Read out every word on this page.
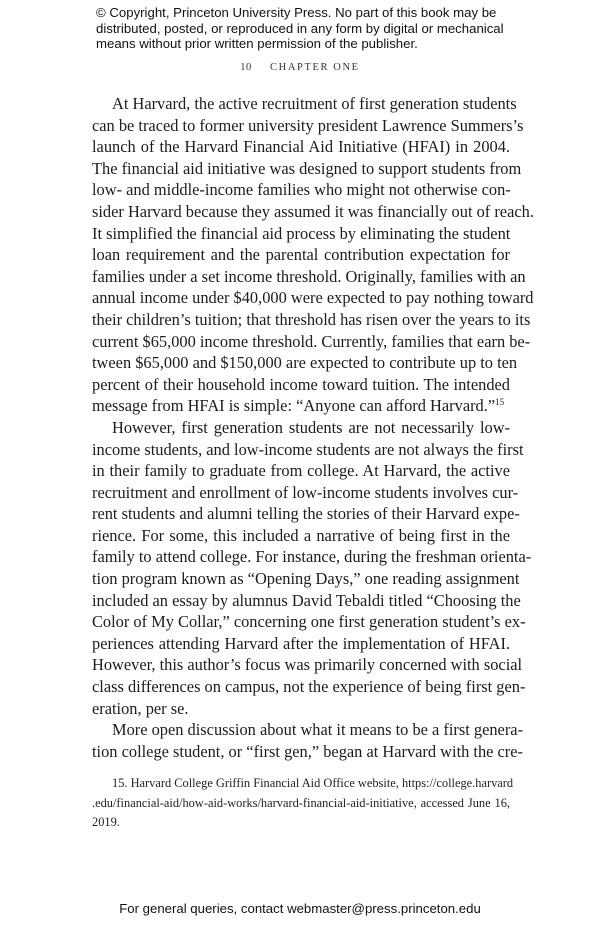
© Copyright, Princeton University Press. No part of this book may be
distributed, posted, or reproduced in any form by digital or mechanical
means without prior written permission of the publisher.
10 CHAPTER ONE
At Harvard, the active recruitment of first generation students
can be traced to former university president Lawrence Summers’s
launch of the Harvard Financial Aid Initiative (HFAI) in 2004.
The financial aid initiative was designed to support students from
low- and middle-income families who might not otherwise con-
sider Harvard because they assumed it was financially out of reach.
It simplified the financial aid process by eliminating the student
loan requirement and the parental contribution expectation for
families under a set income threshold. Originally, families with an
annual income under $40,000 were expected to pay nothing toward
their children’s tuition; that threshold has risen over the years to its
current $65,000 income threshold. Currently, families that earn be-
tween $65,000 and $150,000 are expected to contribute up to ten
percent of their household income toward tuition. The intended
message from HFAI is simple: “Anyone can afford Harvard.”$^{15}$
However, first generation students are not necessarily low-
income students, and low-income students are not always the first
in their family to graduate from college. At Harvard, the active
recruitment and enrollment of low-income students involves cur-
rent students and alumni telling the stories of their Harvard expe-
rience. For some, this included a narrative of being first in the
family to attend college. For instance, during the freshman orienta-
tion program known as “Opening Days,” one reading assignment
included an essay by alumnus David Tebaldi titled “Choosing the
Color of My Collar,” concerning one first generation student’s ex-
periences attending Harvard after the implementation of HFAI.
However, this author’s focus was primarily concerned with social
class differences on campus, not the experience of being first gen-
eration, per se.
More open discussion about what it means to be a first genera-
tion college student, or “first gen,” began at Harvard with the cre-
15. Harvard College Griffin Financial Aid Office website, https://college.harvard
.edu/financial-aid/how-aid-works/harvard-financial-aid-initiative, accessed June 16,
2019.
For general queries, contact webmaster@press.princeton.edu
